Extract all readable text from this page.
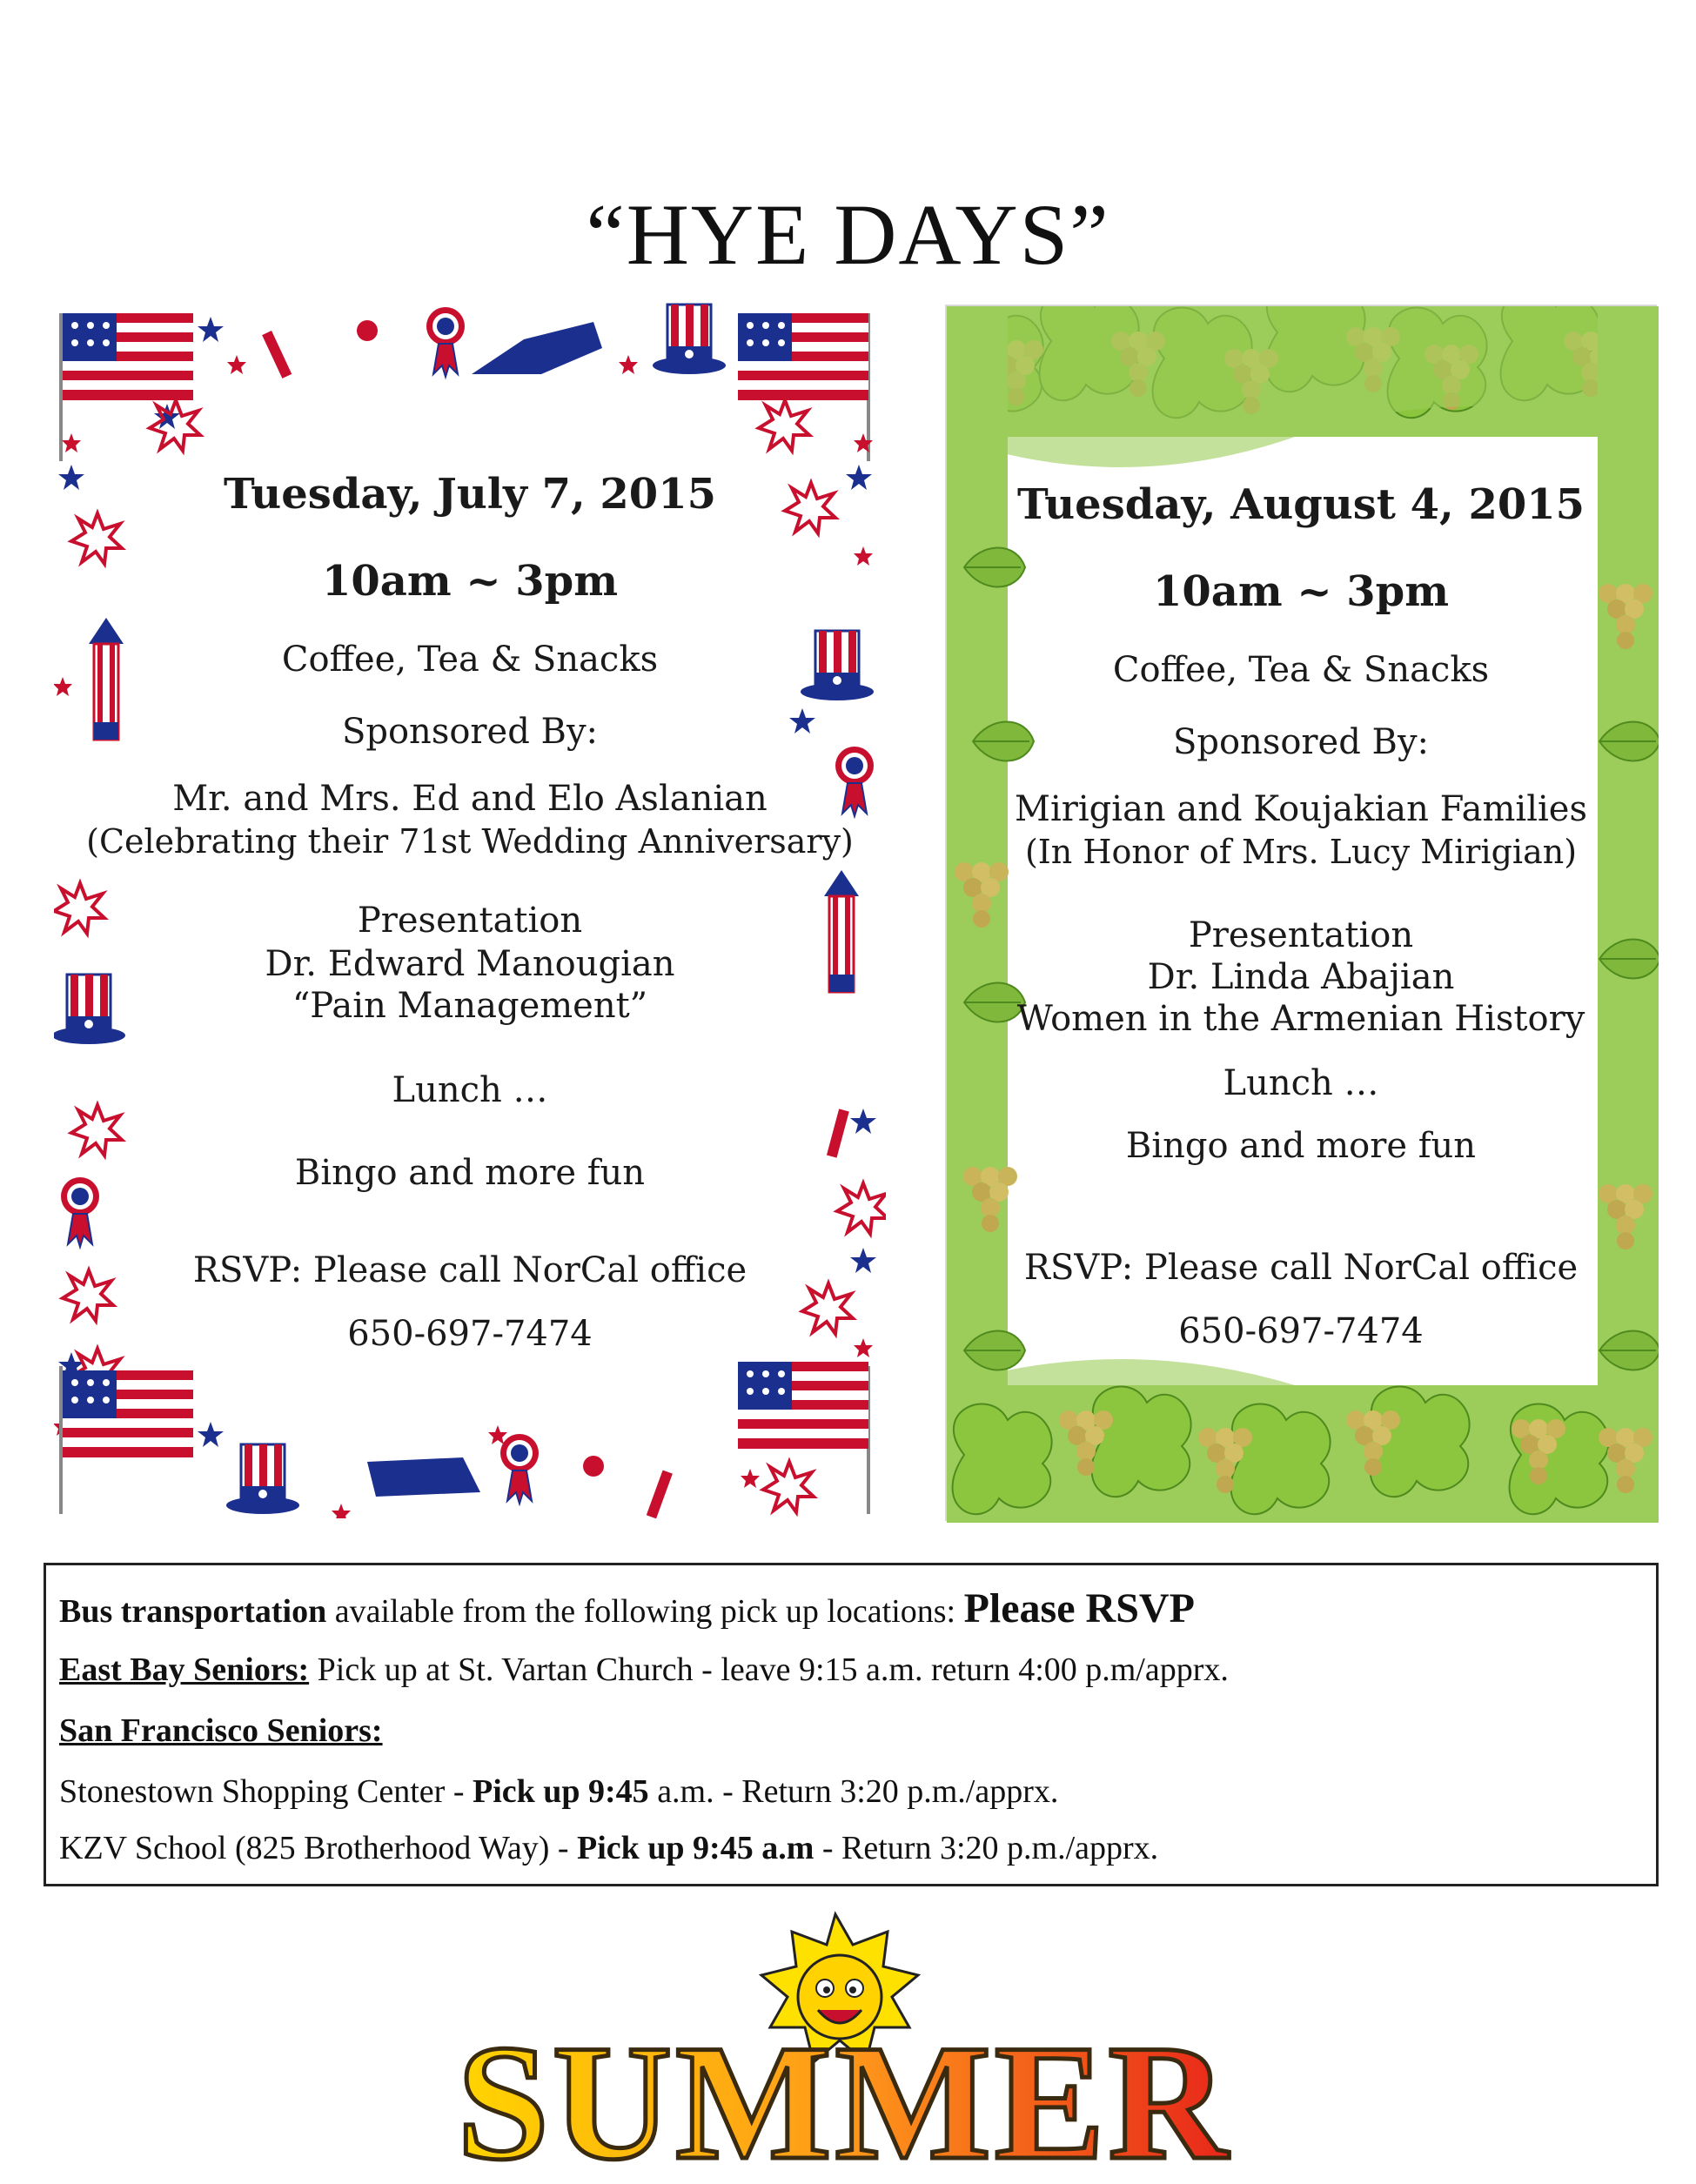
“HYE DAYS”
Tuesday, July 7, 2015
10am ~ 3pm
Coffee, Tea & Snacks
Sponsored By:
Mr. and Mrs. Ed and Elo Aslanian
(Celebrating their 71st Wedding Anniversary)
Presentation
Dr. Edward Manougian
“Pain Management”
Lunch …
Bingo and more fun
RSVP: Please call NorCal office
650-697-7474
Tuesday, August 4, 2015
10am ~ 3pm
Coffee, Tea & Snacks
Sponsored By:
Mirigian and Koujakian Families
(In Honor of Mrs. Lucy Mirigian)
Presentation
Dr. Linda Abajian
Women in the Armenian History
Lunch …
Bingo and more fun
RSVP: Please call NorCal office
650-697-7474
Bus transportation available from the following pick up locations: Please RSVP
East Bay Seniors: Pick up at St. Vartan Church - leave 9:15 a.m. return 4:00 p.m/apprx.
San Francisco Seniors:
Stonestown Shopping Center - Pick up 9:45 a.m. - Return 3:20 p.m./apprx.
KZV School (825 Brotherhood Way) - Pick up 9:45 a.m - Return 3:20 p.m./apprx.
SUMMER
